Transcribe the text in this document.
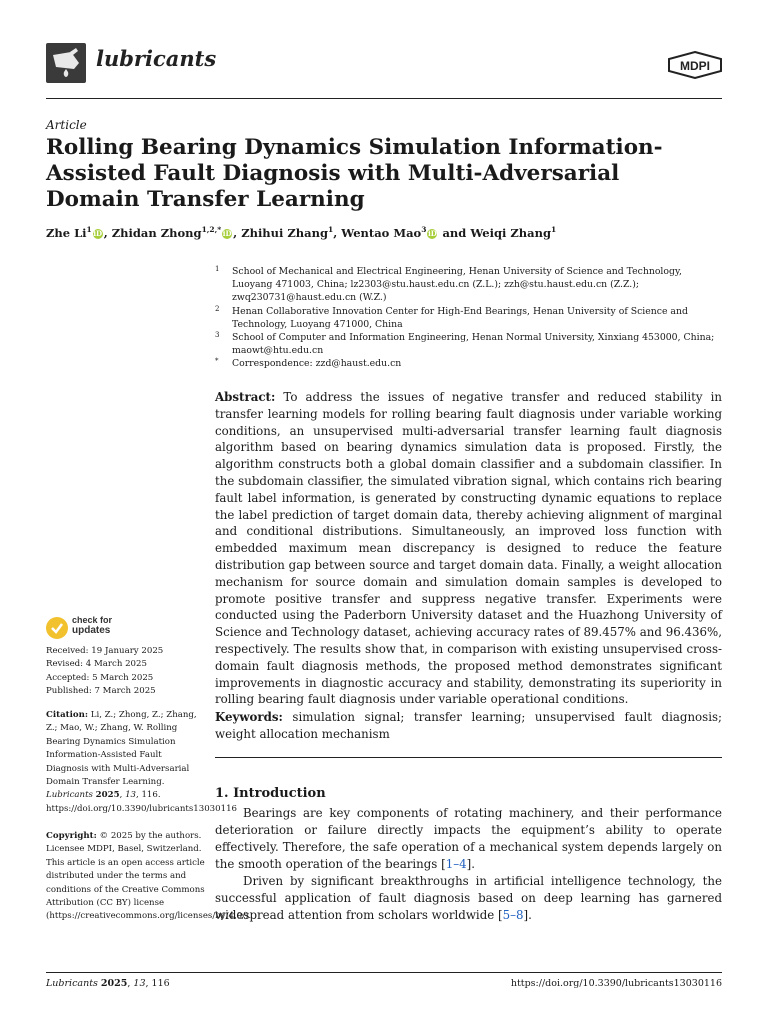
lubricants	MDPI
Article
Rolling Bearing Dynamics Simulation Information-Assisted Fault Diagnosis with Multi-Adversarial Domain Transfer Learning
Zhe Li$^1$ iD , Zhidan Zhong$^{1,2,*}$ iD , Zhihui Zhang$^1$, Wentao Mao$^3$ iD and Weiqi Zhang$^1$
1 School of Mechanical and Electrical Engineering, Henan University of Science and Technology, Luoyang 471003, China; lz2303@stu.haust.edu.cn (Z.L.); zzh@stu.haust.edu.cn (Z.Z.); zwq230731@haust.edu.cn (W.Z.)
2 Henan Collaborative Innovation Center for High-End Bearings, Henan University of Science and Technology, Luoyang 471000, China
3 School of Computer and Information Engineering, Henan Normal University, Xinxiang 453000, China; maowt@htu.edu.cn
* Correspondence: zzd@haust.edu.cn
Abstract: To address the issues of negative transfer and reduced stability in transfer learning models for rolling bearing fault diagnosis under variable working conditions, an unsupervised multi-adversarial transfer learning fault diagnosis algorithm based on bearing dynamics simulation data is proposed. Firstly, the algorithm constructs both a global domain classifier and a subdomain classifier. In the subdomain classifier, the simulated vibration signal, which contains rich bearing fault label information, is generated by constructing dynamic equations to replace the label prediction of target domain data, thereby achieving alignment of marginal and conditional distributions. Simultaneously, an improved loss function with embedded maximum mean discrepancy is designed to reduce the feature distribution gap between source and target domain data. Finally, a weight allocation mechanism for source domain and simulation domain samples is developed to promote positive transfer and suppress negative transfer. Experiments were conducted using the Paderborn University dataset and the Huazhong University of Science and Technology dataset, achieving accuracy rates of 89.457% and 96.436%, respectively. The results show that, in comparison with existing unsupervised cross-domain fault diagnosis methods, the proposed method demonstrates significant improvements in diagnostic accuracy and stability, demonstrating its superiority in rolling bearing fault diagnosis under variable operational conditions.
Keywords: simulation signal; transfer learning; unsupervised fault diagnosis; weight allocation mechanism
1. Introduction
Bearings are key components of rotating machinery, and their performance deterioration or failure directly impacts the equipment’s ability to operate effectively. Therefore, the safe operation of a mechanical system depends largely on the smooth operation of the bearings [1–4].
Driven by significant breakthroughs in artificial intelligence technology, the successful application of fault diagnosis based on deep learning has garnered widespread attention from scholars worldwide [5–8].
check for
updates
Received: 19 January 2025
Revised: 4 March 2025
Accepted: 5 March 2025
Published: 7 March 2025
Citation: Li, Z.; Zhong, Z.; Zhang, Z.; Mao, W.; Zhang, W. Rolling Bearing Dynamics Simulation Information-Assisted Fault Diagnosis with Multi-Adversarial Domain Transfer Learning. Lubricants 2025, 13, 116. https://doi.org/10.3390/lubricants13030116
Copyright: © 2025 by the authors. Licensee MDPI, Basel, Switzerland. This article is an open access article distributed under the terms and conditions of the Creative Commons Attribution (CC BY) license (https://creativecommons.org/licenses/by/4.0/).
Lubricants 2025, 13, 116	https://doi.org/10.3390/lubricants13030116
